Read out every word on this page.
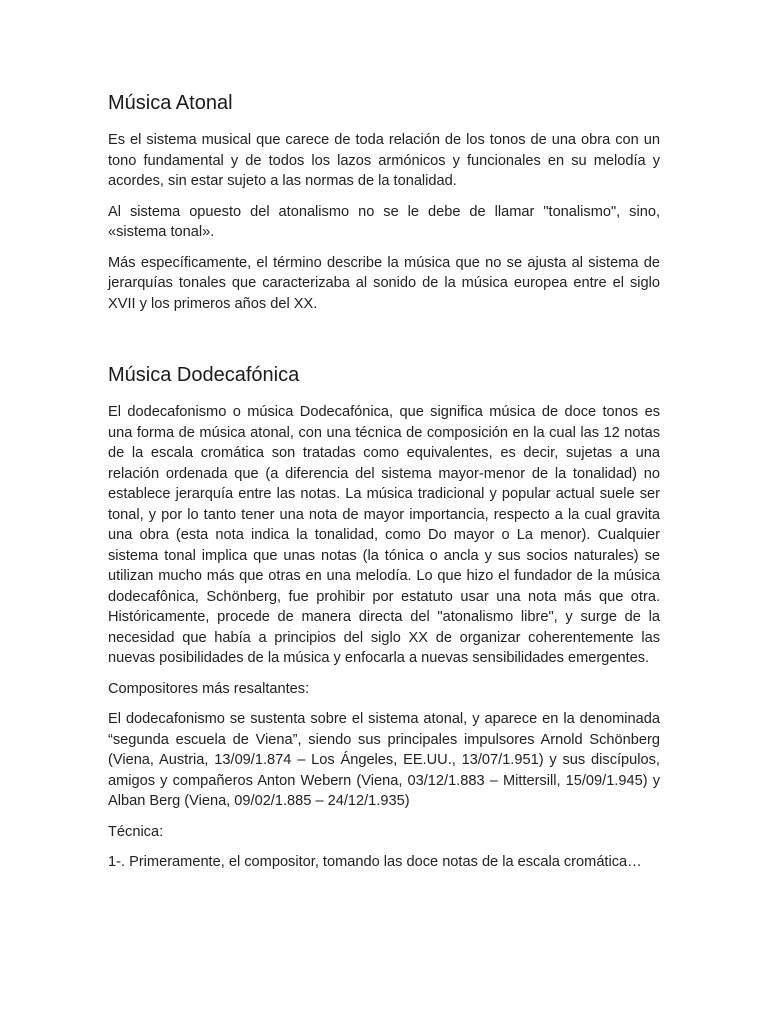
Música Atonal

Es el sistema musical que carece de toda relación de los tonos de una obra con un tono fundamental y de todos los lazos armónicos y funcionales en su melodía y acordes, sin estar sujeto a las normas de la tonalidad.

Al sistema opuesto del atonalismo no se le debe de llamar "tonalismo", sino, «sistema tonal».

Más específicamente, el término describe la música que no se ajusta al sistema de jerarquías tonales que caracterizaba al sonido de la música europea entre el siglo XVII y los primeros años del XX.

Música Dodecafónica

El dodecafonismo o música Dodecafónica, que significa música de doce tonos es una forma de música atonal, con una técnica de composición en la cual las 12 notas de la escala cromática son tratadas como equivalentes, es decir, sujetas a una relación ordenada que (a diferencia del sistema mayor-menor de la tonalidad) no establece jerarquía entre las notas. La música tradicional y popular actual suele ser tonal, y por lo tanto tener una nota de mayor importancia, respecto a la cual gravita una obra (esta nota indica la tonalidad, como Do mayor o La menor). Cualquier sistema tonal implica que unas notas (la tónica o ancla y sus socios naturales) se utilizan mucho más que otras en una melodía. Lo que hizo el fundador de la música dodecafônica, Schönberg, fue prohibir por estatuto usar una nota más que otra. Históricamente, procede de manera directa del "atonalismo libre", y surge de la necesidad que había a principios del siglo XX de organizar coherentemente las nuevas posibilidades de la música y enfocarla a nuevas sensibilidades emergentes.

Compositores más resaltantes:

El dodecafonismo se sustenta sobre el sistema atonal, y aparece en la denominada “segunda escuela de Viena”, siendo sus principales impulsores Arnold Schönberg (Viena, Austria, 13/09/1.874 – Los Ángeles, EE.UU., 13/07/1.951) y sus discípulos, amigos y compañeros Anton Webern (Viena, 03/12/1.883 – Mittersill, 15/09/1.945) y Alban Berg (Viena, 09/02/1.885 – 24/12/1.935)

Técnica:

1-. Primeramente, el compositor, tomando las doce notas de la escala cromática…
